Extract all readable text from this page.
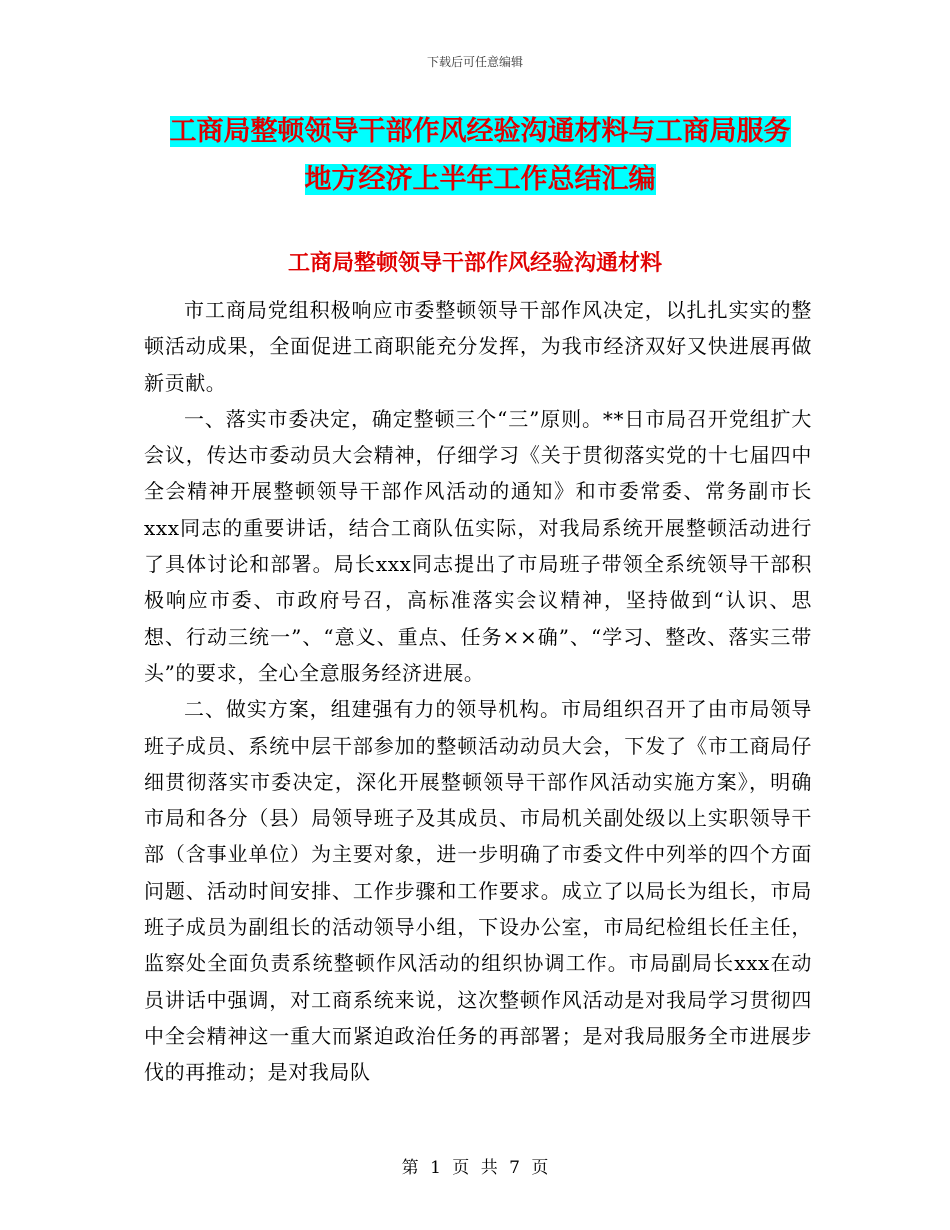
下载后可任意编辑
工商局整顿领导干部作风经验沟通材料与工商局服务
地方经济上半年工作总结汇编
工商局整顿领导干部作风经验沟通材料

市工商局党组积极响应市委整顿领导干部作风决定，以扎扎实实的整顿活动成果，全面促进工商职能充分发挥，为我市经济双好又快进展再做新贡献。

一、落实市委决定，确定整顿三个“三”原则。**日市局召开党组扩大会议，传达市委动员大会精神，仔细学习《关于贯彻落实党的十七届四中全会精神开展整顿领导干部作风活动的通知》和市委常委、常务副市长xxx同志的重要讲话，结合工商队伍实际，对我局系统开展整顿活动进行了具体讨论和部署。局长xxx同志提出了市局班子带领全系统领导干部积极响应市委、市政府号召，高标准落实会议精神，坚持做到“认识、思想、行动三统一”、“意义、重点、任务××确”、“学习、整改、落实三带头”的要求，全心全意服务经济进展。

二、做实方案，组建强有力的领导机构。市局组织召开了由市局领导班子成员、系统中层干部参加的整顿活动动员大会，下发了《市工商局仔细贯彻落实市委决定，深化开展整顿领导干部作风活动实施方案》，明确市局和各分（县）局领导班子及其成员、市局机关副处级以上实职领导干部（含事业单位）为主要对象，进一步明确了市委文件中列举的四个方面问题、活动时间安排、工作步骤和工作要求。成立了以局长为组长，市局班子成员为副组长的活动领导小组，下设办公室，市局纪检组长任主任，监察处全面负责系统整顿作风活动的组织协调工作。市局副局长xxx在动员讲话中强调，对工商系统来说，这次整顿作风活动是对我局学习贯彻四中全会精神这一重大而紧迫政治任务的再部署；是对我局服务全市进展步伐的再推动；是对我局队

第 1 页 共 7 页
